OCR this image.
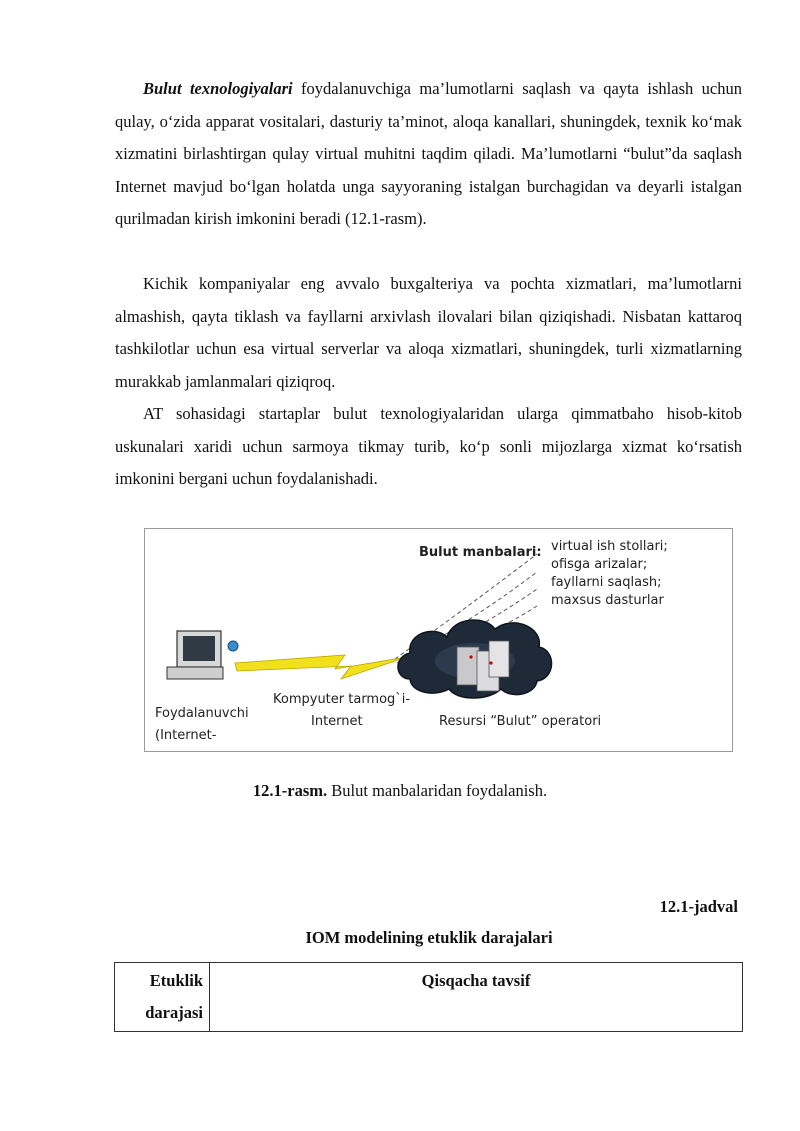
Bulut texnologiyalari foydalanuvchiga ma’lumotlarni saqlash va qayta ishlash uchun qulay, o‘zida apparat vositalari, dasturiy ta’minot, aloqa kanallari, shuningdek, texnik ko‘mak xizmatini birlashtirgan qulay virtual muhitni taqdim qiladi. Ma’lumotlarni “bulut”da saqlash Internet mavjud bo‘lgan holatda unga sayyoraning istalgan burchagidan va deyarli istalgan qurilmadan kirish imkonini beradi (12.1-rasm).

Kichik kompaniyalar eng avvalo buxgalteriya va pochta xizmatlari, ma’lumotlarni almashish, qayta tiklash va fayllarni arxivlash ilovalari bilan qiziqishadi. Nisbatan kattaroq tashkilotlar uchun esa virtual serverlar va aloqa xizmatlari, shuningdek, turli xizmatlarning murakkab jamlanmalari qiziqroq.

AT sohasidagi startaplar bulut texnologiyalaridan ularga qimmatbaho hisob-kitob uskunalari xaridi uchun sarmoya tikmay turib, ko‘p sonli mijozlarga xizmat ko‘rsatish imkonini bergani uchun foydalanishadi.

Bulut manbalari: virtual ish stollari;
ofisga arizalar;
fayllarni saqlash;
maxsus dasturlar
Foydalanuvchi
(Internet-
Kompyuter tarmog`i-
Internet	Resursi “Bulut” operatori
12.1-rasm. Bulut manbalaridan foydalanish.
12.1-jadval
IOM modelining etuklik darajalari
Etuklik darajasi	Qisqacha tavsif
